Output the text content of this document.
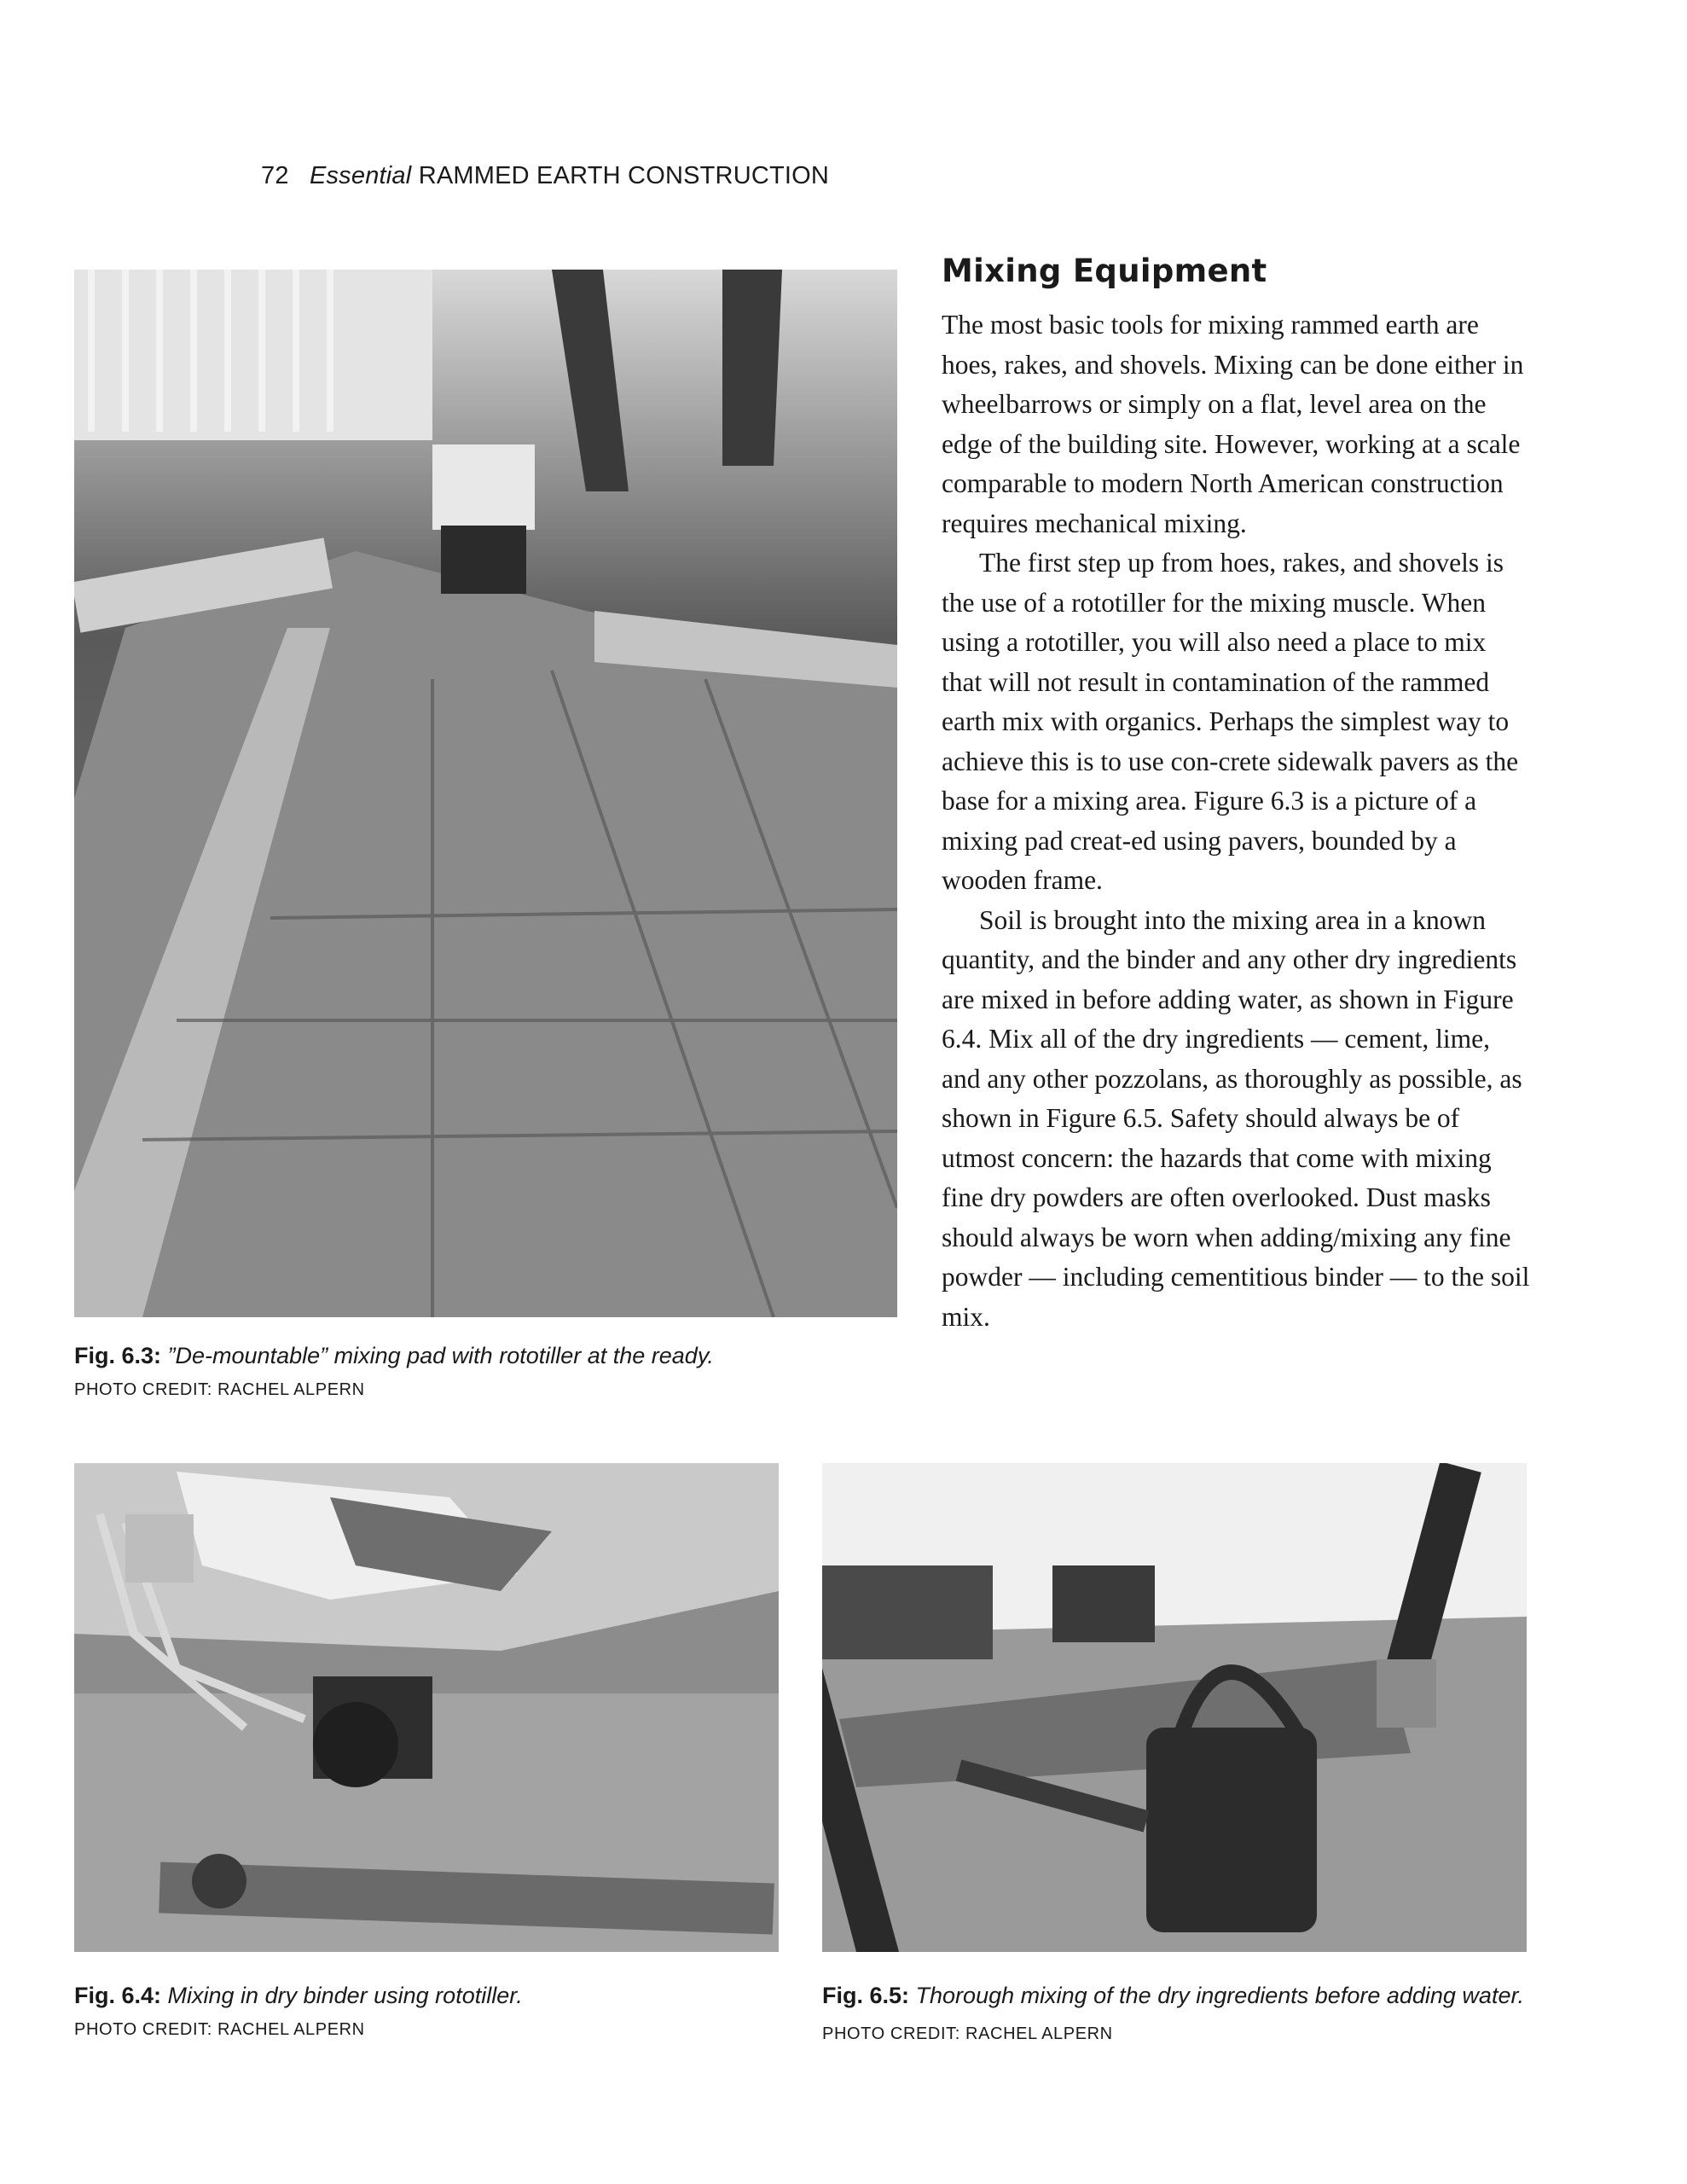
72 Essential RAMMED EARTH CONSTRUCTION
Fig. 6.3: ”De-mountable” mixing pad with rototiller at the ready.
PHOTO CREDIT: RACHEL ALPERN
Mixing Equipment

The most basic tools for mixing rammed earth are hoes, rakes, and shovels. Mixing can be done either in wheelbarrows or simply on a flat, level area on the edge of the building site. However, working at a scale comparable to modern North American construction requires mechanical mixing.

The first step up from hoes, rakes, and shovels is the use of a rototiller for the mixing muscle. When using a rototiller, you will also need a place to mix that will not result in contamination of the rammed earth mix with organics. Perhaps the simplest way to achieve this is to use con-crete sidewalk pavers as the base for a mixing area. Figure 6.3 is a picture of a mixing pad creat-ed using pavers, bounded by a wooden frame.

Soil is brought into the mixing area in a known quantity, and the binder and any other dry ingredients are mixed in before adding water, as shown in Figure 6.4. Mix all of the dry ingredients — cement, lime, and any other pozzolans, as thoroughly as possible, as shown in Figure 6.5. Safety should always be of utmost concern: the hazards that come with mixing fine dry powders are often overlooked. Dust masks should always be worn when adding/mixing any fine powder — including cementitious binder — to the soil mix.

Fig. 6.4: Mixing in dry binder using rototiller.
PHOTO CREDIT: RACHEL ALPERN
Fig. 6.5: Thorough mixing of the dry ingredients before adding water. PHOTO CREDIT: RACHEL ALPERN
